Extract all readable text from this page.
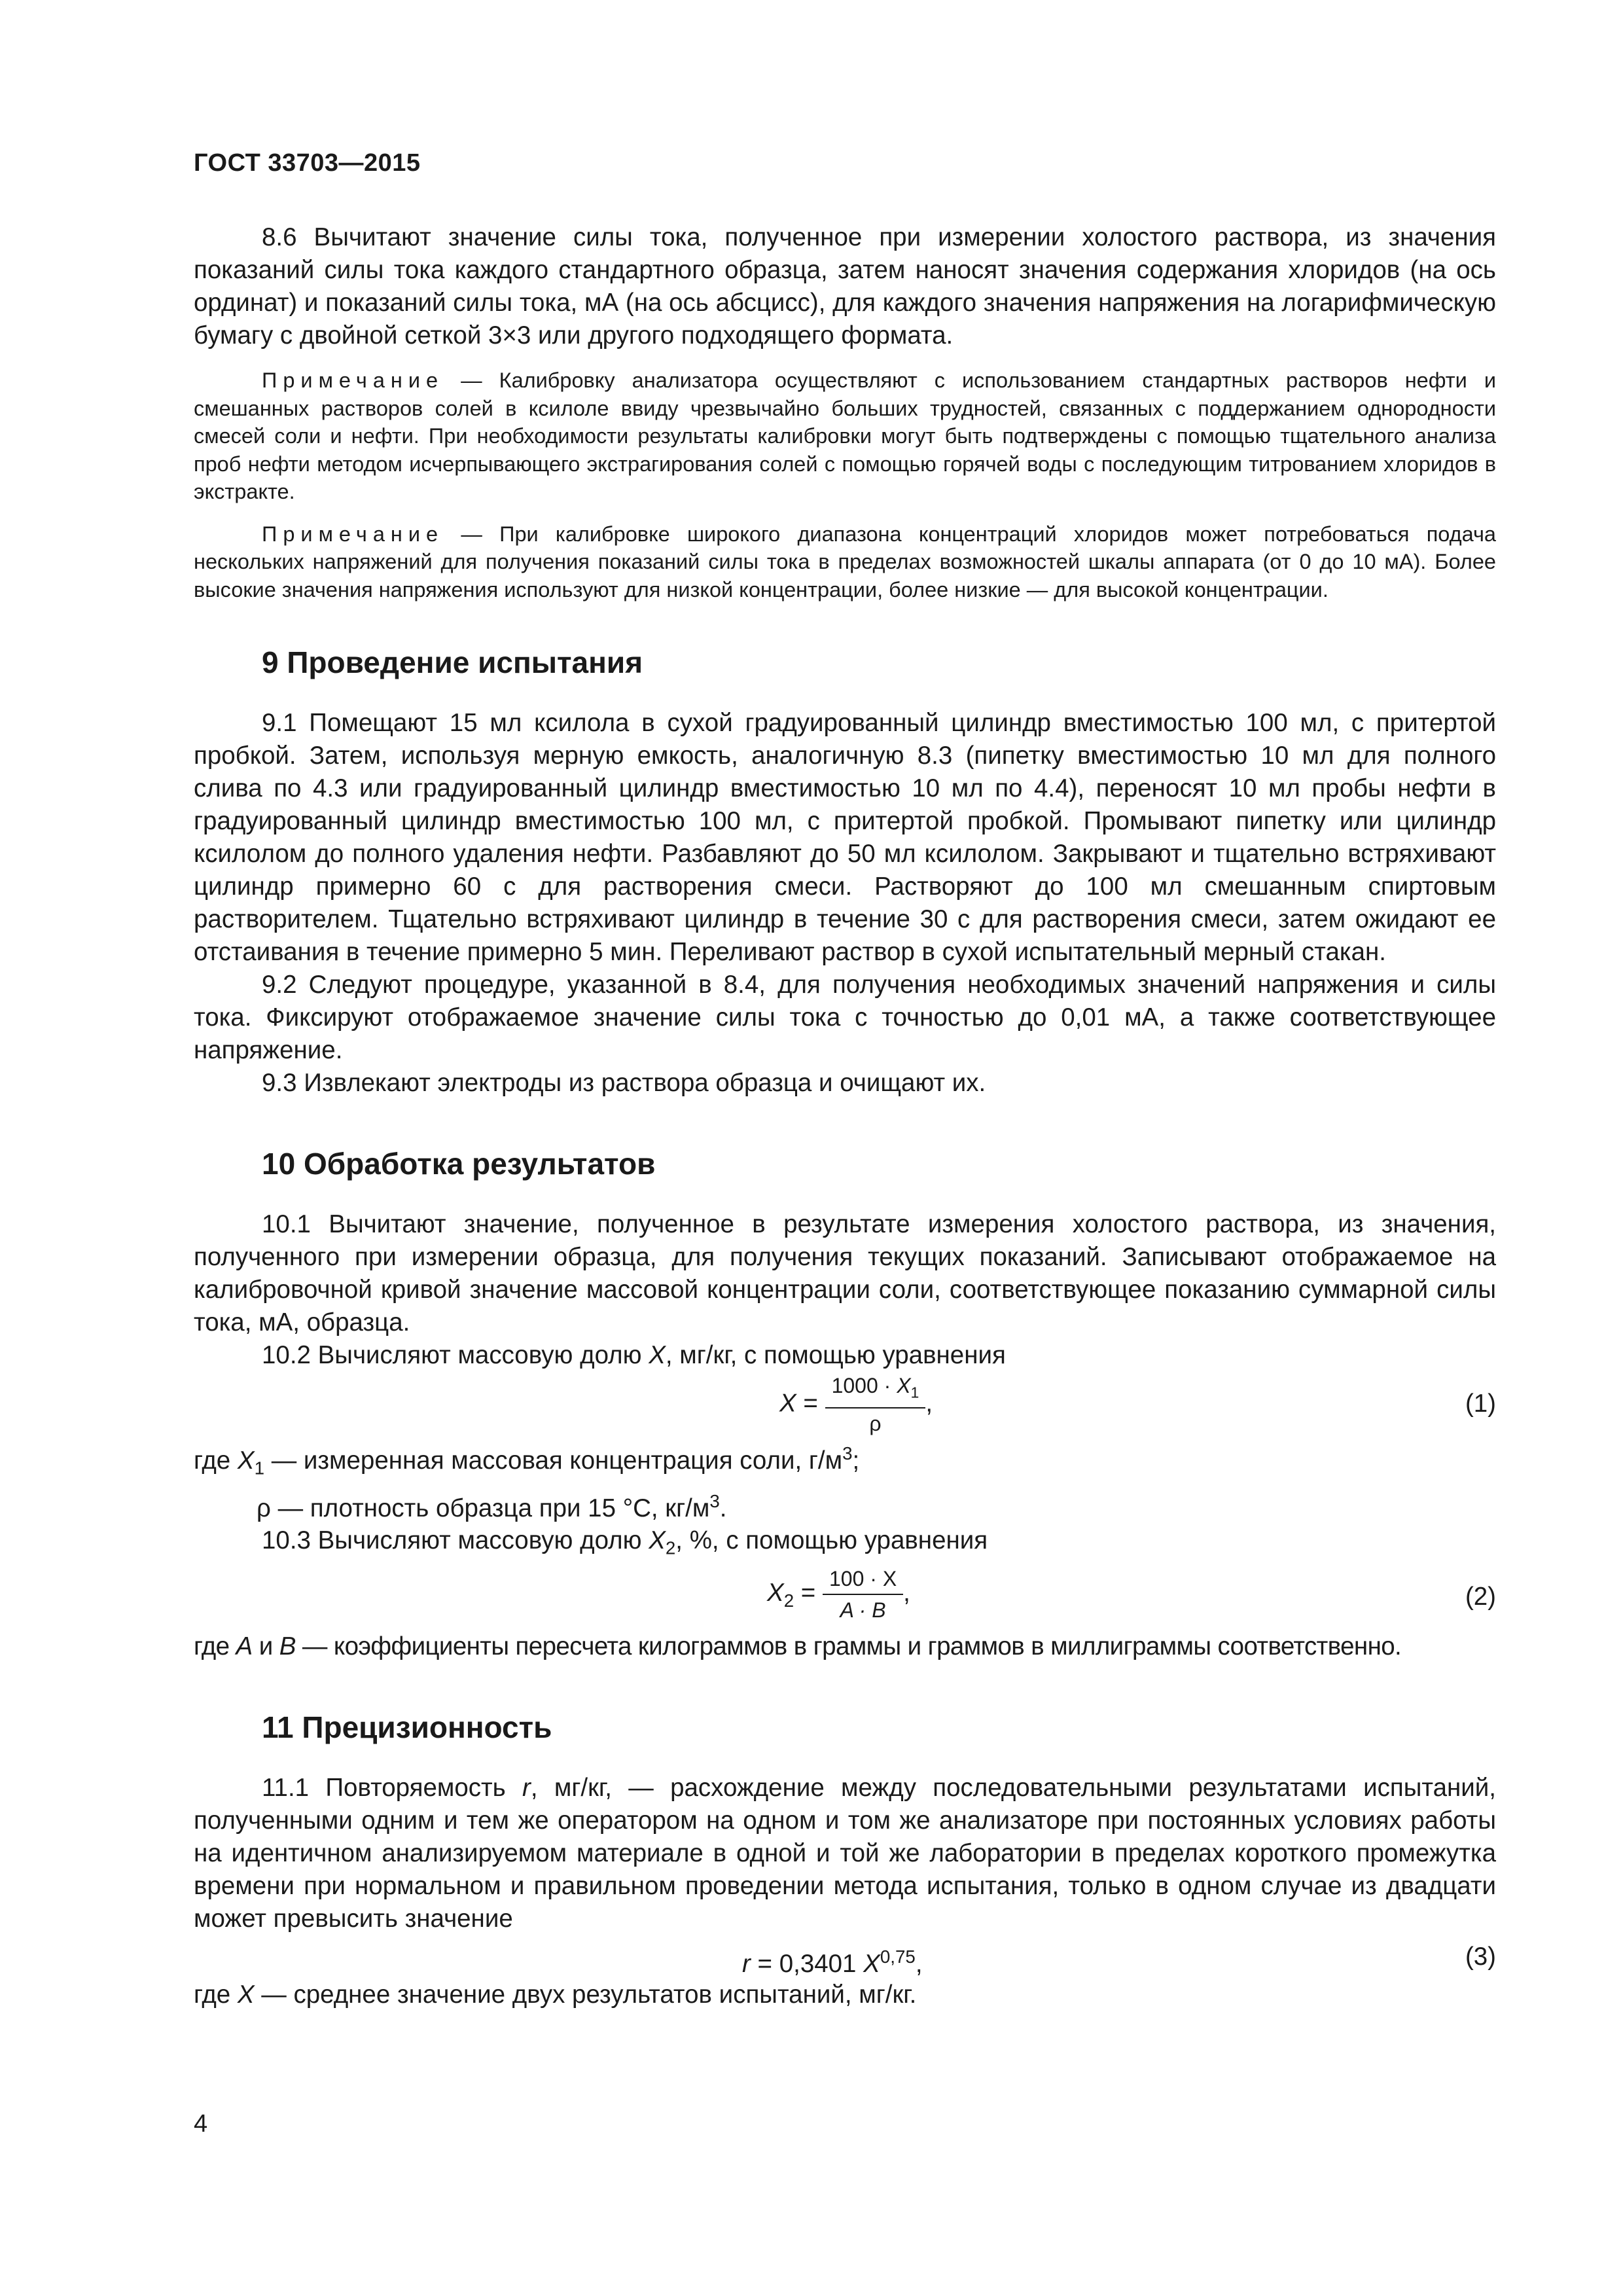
ГОСТ 33703—2015

8.6 Вычитают значение силы тока, полученное при измерении холостого раствора, из значения показаний силы тока каждого стандартного образца, затем наносят значения содержания хлоридов (на ось ординат) и показаний силы тока, мА (на ось абсцисс), для каждого значения напряжения на логарифмическую бумагу с двойной сеткой 3×3 или другого подходящего формата.

Примечание — Калибровку анализатора осуществляют с использованием стандартных растворов нефти и смешанных растворов солей в ксилоле ввиду чрезвычайно больших трудностей, связанных с поддержанием однородности смесей соли и нефти. При необходимости результаты калибровки могут быть подтверждены с помощью тщательного анализа проб нефти методом исчерпывающего экстрагирования солей с помощью горячей воды с последующим титрованием хлоридов в экстракте.

Примечание — При калибровке широкого диапазона концентраций хлоридов может потребоваться подача нескольких напряжений для получения показаний силы тока в пределах возможностей шкалы аппарата (от 0 до 10 мА). Более высокие значения напряжения используют для низкой концентрации, более низкие — для высокой концентрации.

9 Проведение испытания

9.1 Помещают 15 мл ксилола в сухой градуированный цилиндр вместимостью 100 мл, с притертой пробкой. Затем, используя мерную емкость, аналогичную 8.3 (пипетку вместимостью 10 мл для полного слива по 4.3 или градуированный цилиндр вместимостью 10 мл по 4.4), переносят 10 мл пробы нефти в градуированный цилиндр вместимостью 100 мл, с притертой пробкой. Промывают пипетку или цилиндр ксилолом до полного удаления нефти. Разбавляют до 50 мл ксилолом. Закрывают и тщательно встряхивают цилиндр примерно 60 с для растворения смеси. Растворяют до 100 мл смешанным спиртовым растворителем. Тщательно встряхивают цилиндр в течение 30 с для растворения смеси, затем ожидают ее отстаивания в течение примерно 5 мин. Переливают раствор в сухой испытательный мерный стакан.

9.2 Следуют процедуре, указанной в 8.4, для получения необходимых значений напряжения и силы тока. Фиксируют отображаемое значение силы тока с точностью до 0,01 мА, а также соответствующее напряжение.

9.3 Извлекают электроды из раствора образца и очищают их.

10 Обработка результатов

10.1 Вычитают значение, полученное в результате измерения холостого раствора, из значения, полученного при измерении образца, для получения текущих показаний. Записывают отображаемое на калибровочной кривой значение массовой концентрации соли, соответствующее показанию суммарной силы тока, мА, образца.

10.2 Вычисляют массовую долю X, мг/кг, с помощью уравнения

$X = \frac{1000 \cdot X_1}{\rho}$ ,	(1)

где $X_1$ — измеренная массовая концентрация соли, $г/м^3$;

ρ — плотность образца при 15 °С, $кг/м^3$.

10.3 Вычисляют массовую долю $X_2$, %, с помощью уравнения

$X_2 = \frac{100 \cdot X}{A \cdot B}$ ,	(2)

где A и B — коэффициенты пересчета килограммов в граммы и граммов в миллиграммы соответственно.

11 Прецизионность

11.1 Повторяемость r, мг/кг, — расхождение между последовательными результатами испытаний, полученными одним и тем же оператором на одном и том же анализаторе при постоянных условиях работы на идентичном анализируемом материале в одной и той же лаборатории в пределах короткого промежутка времени при нормальном и правильном проведении метода испытания, только в одном случае из двадцати может превысить значение

r = 0,3401 X$^{0,75}$,	(3)

где X — среднее значение двух результатов испытаний, мг/кг.

4
